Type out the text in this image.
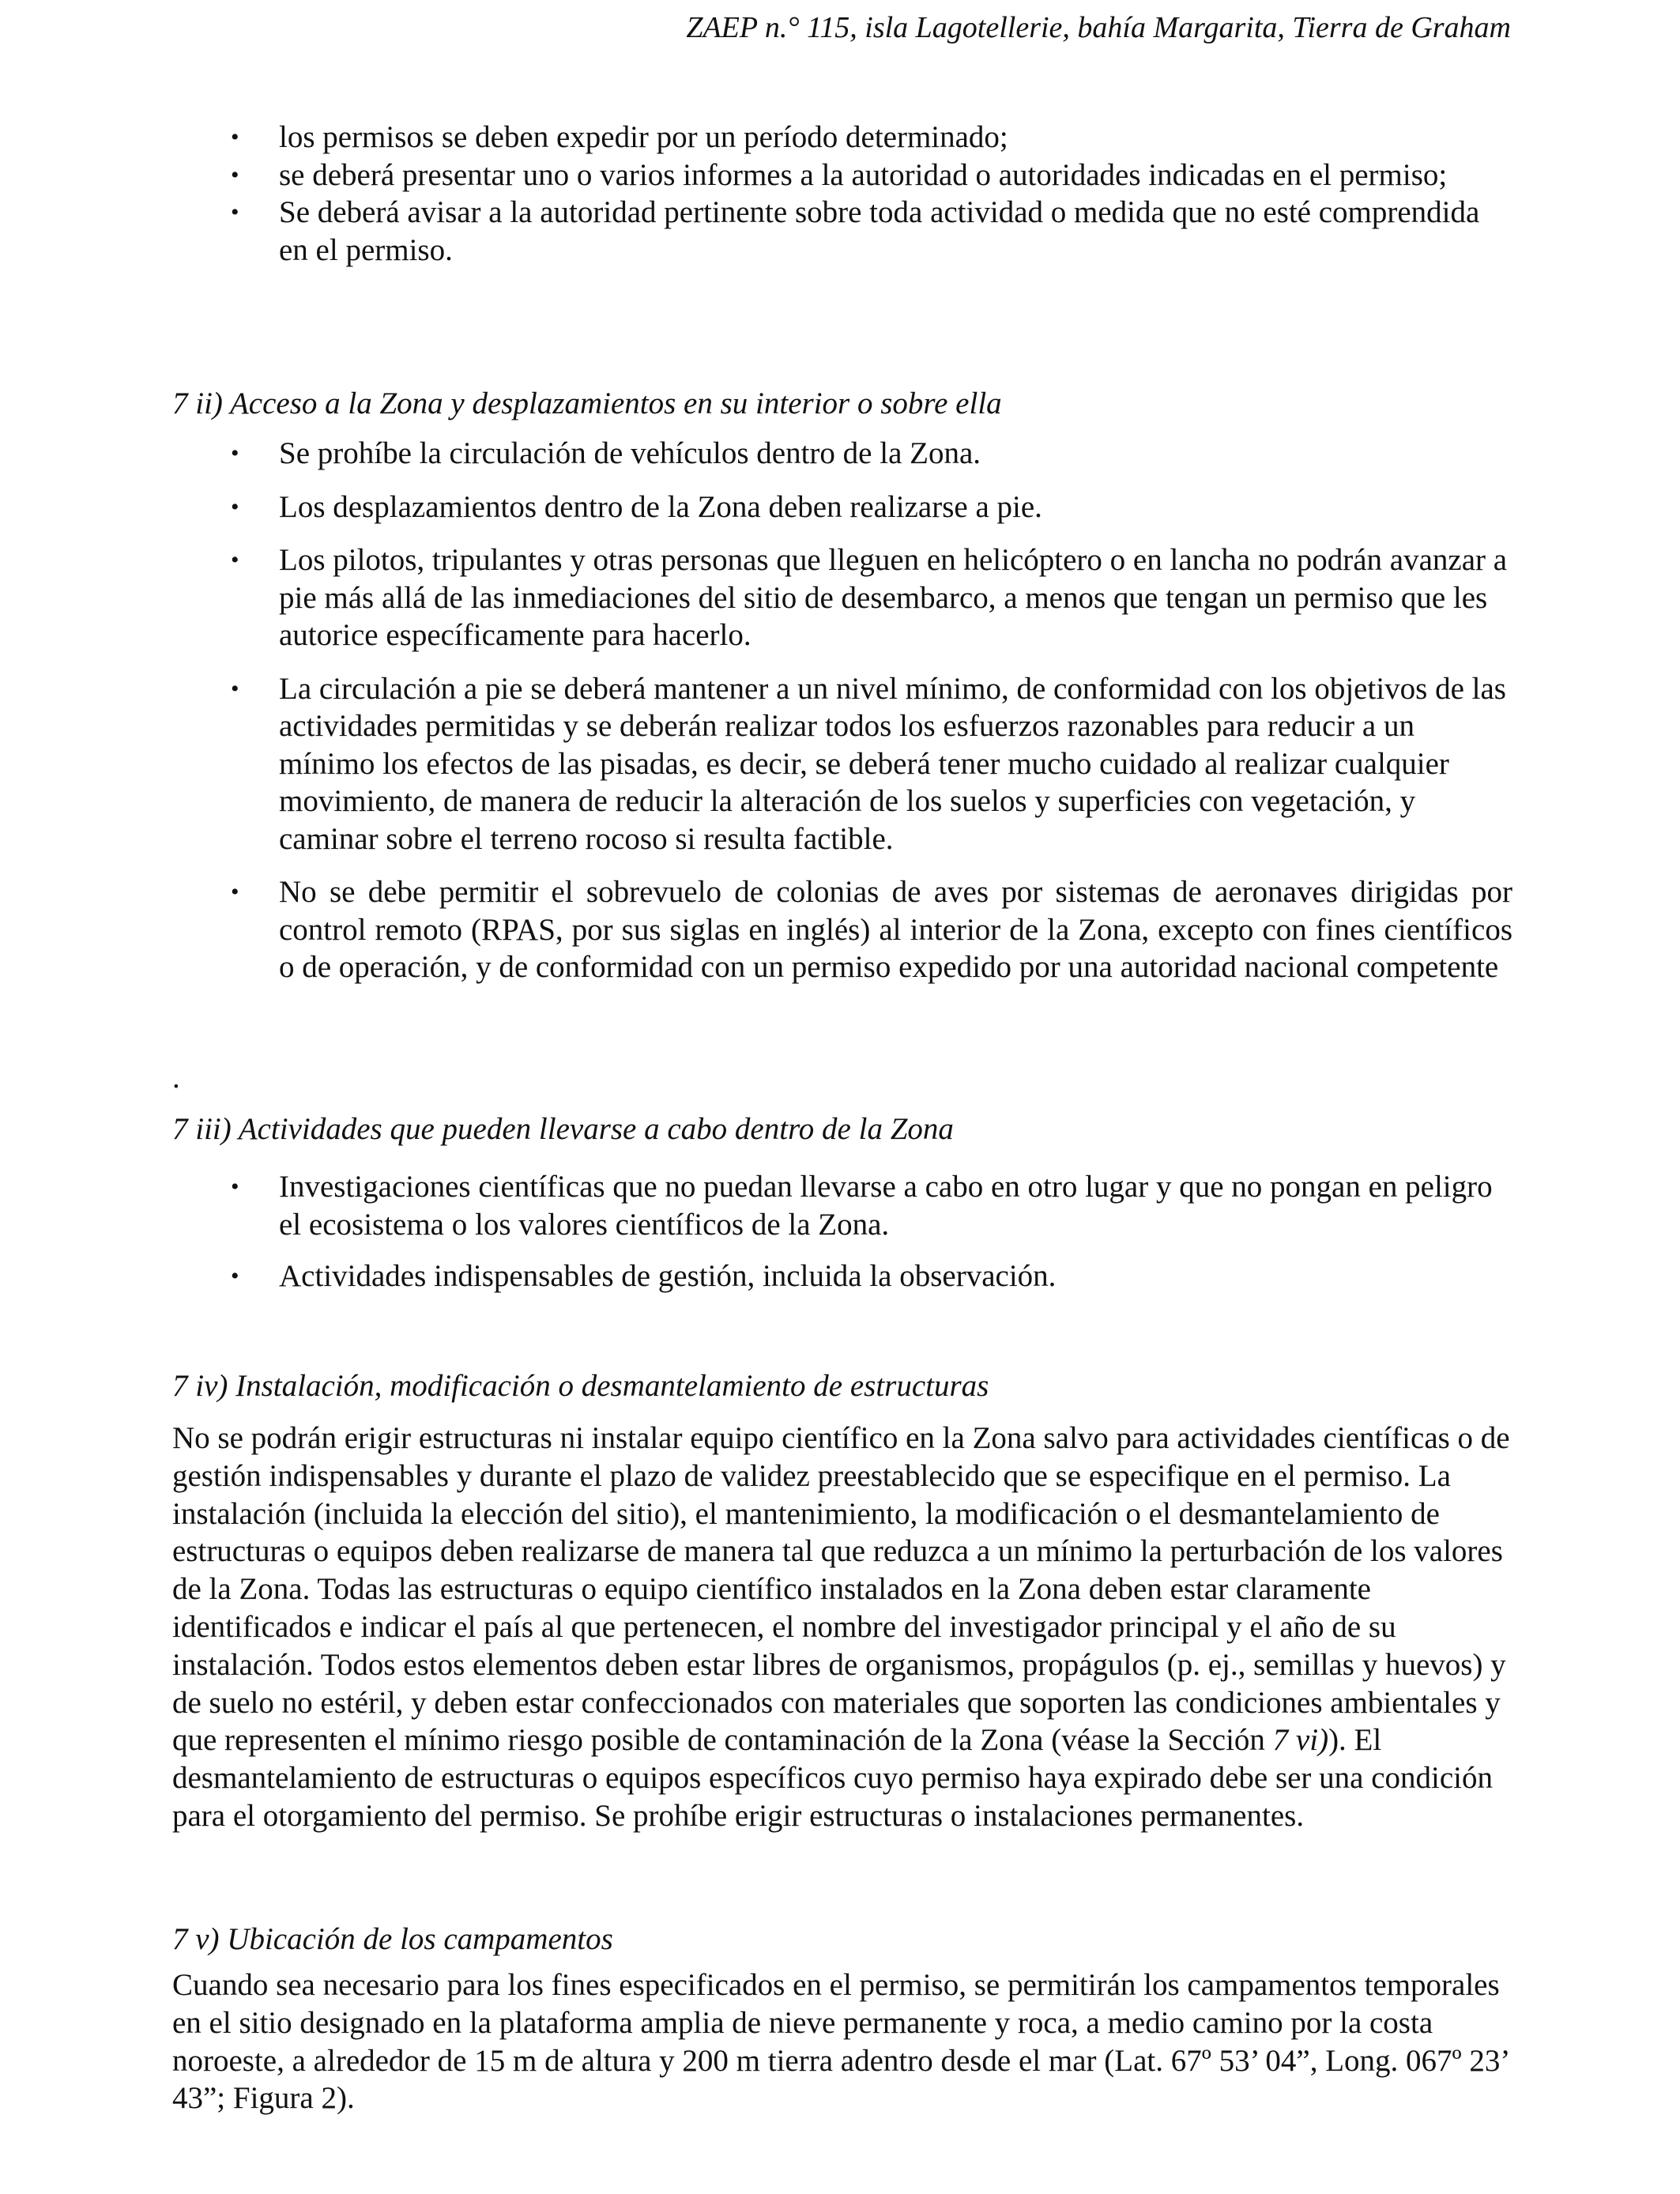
ZAEP n.° 115, isla Lagotellerie, bahía Margarita, Tierra de Graham
• los permisos se deben expedir por un período determinado;
• se deberá presentar uno o varios informes a la autoridad o autoridades indicadas en el permiso;
• Se deberá avisar a la autoridad pertinente sobre toda actividad o medida que no esté comprendida en el permiso.
7 ii) Acceso a la Zona y desplazamientos en su interior o sobre ella
• Se prohíbe la circulación de vehículos dentro de la Zona.
• Los desplazamientos dentro de la Zona deben realizarse a pie.
• Los pilotos, tripulantes y otras personas que lleguen en helicóptero o en lancha no podrán avanzar a pie más allá de las inmediaciones del sitio de desembarco, a menos que tengan un permiso que les autorice específicamente para hacerlo.
• La circulación a pie se deberá mantener a un nivel mínimo, de conformidad con los objetivos de las actividades permitidas y se deberán realizar todos los esfuerzos razonables para reducir a un mínimo los efectos de las pisadas, es decir, se deberá tener mucho cuidado al realizar cualquier movimiento, de manera de reducir la alteración de los suelos y superficies con vegetación, y caminar sobre el terreno rocoso si resulta factible.
• No se debe permitir el sobrevuelo de colonias de aves por sistemas de aeronaves dirigidas por control remoto (RPAS, por sus siglas en inglés) al interior de la Zona, excepto con fines científicos o de operación, y de conformidad con un permiso expedido por una autoridad nacional competente
.
7 iii) Actividades que pueden llevarse a cabo dentro de la Zona
• Investigaciones científicas que no puedan llevarse a cabo en otro lugar y que no pongan en peligro el ecosistema o los valores científicos de la Zona.
• Actividades indispensables de gestión, incluida la observación.
7 iv) Instalación, modificación o desmantelamiento de estructuras

No se podrán erigir estructuras ni instalar equipo científico en la Zona salvo para actividades científicas o de gestión indispensables y durante el plazo de validez preestablecido que se especifique en el permiso. La instalación (incluida la elección del sitio), el mantenimiento, la modificación o el desmantelamiento de estructuras o equipos deben realizarse de manera tal que reduzca a un mínimo la perturbación de los valores de la Zona. Todas las estructuras o equipo científico instalados en la Zona deben estar claramente identificados e indicar el país al que pertenecen, el nombre del investigador principal y el año de su instalación. Todos estos elementos deben estar libres de organismos, propágulos (p. ej., semillas y huevos) y de suelo no estéril, y deben estar confeccionados con materiales que soporten las condiciones ambientales y que representen el mínimo riesgo posible de contaminación de la Zona (véase la Sección 7 vi)). El desmantelamiento de estructuras o equipos específicos cuyo permiso haya expirado debe ser una condición para el otorgamiento del permiso. Se prohíbe erigir estructuras o instalaciones permanentes.

7 v) Ubicación de los campamentos

Cuando sea necesario para los fines especificados en el permiso, se permitirán los campamentos temporales en el sitio designado en la plataforma amplia de nieve permanente y roca, a medio camino por la costa noroeste, a alrededor de 15 m de altura y 200 m tierra adentro desde el mar (Lat. 67º 53’ 04”, Long. 067º 23’ 43”; Figura 2).
